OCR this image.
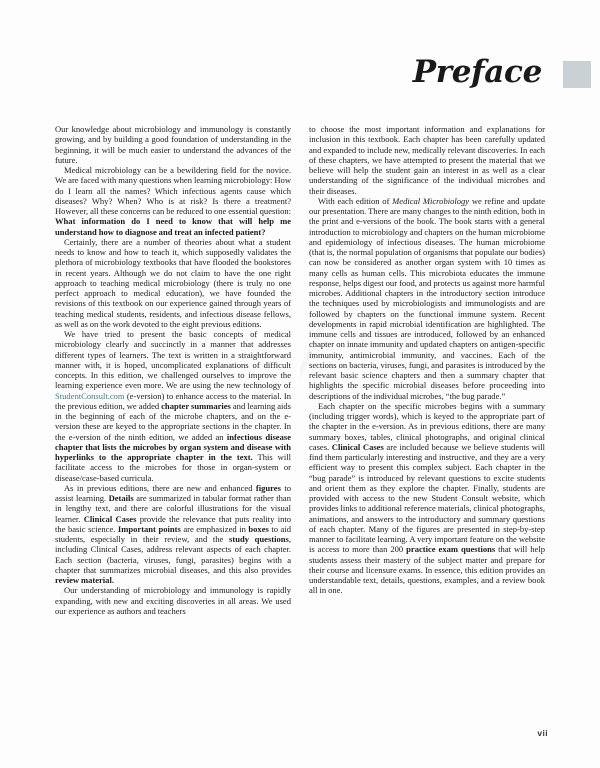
Preface

Our knowledge about microbiology and immunology is constantly growing, and by building a good foundation of understanding in the beginning, it will be much easier to understand the advances of the future.

Medical microbiology can be a bewildering field for the novice. We are faced with many questions when learning microbiology: How do I learn all the names? Which infectious agents cause which diseases? Why? When? Who is at risk? Is there a treatment? However, all these concerns can be reduced to one essential question: What information do I need to know that will help me understand how to diagnose and treat an infected patient?

Certainly, there are a number of theories about what a student needs to know and how to teach it, which supposedly validates the plethora of microbiology textbooks that have flooded the bookstores in recent years. Although we do not claim to have the one right approach to teaching medical microbiology (there is truly no one perfect approach to medical education), we have founded the revisions of this textbook on our experience gained through years of teaching medical students, residents, and infectious disease fellows, as well as on the work devoted to the eight previous editions.

We have tried to present the basic concepts of medical microbiology clearly and succinctly in a manner that addresses different types of learners. The text is written in a straightforward manner with, it is hoped, uncomplicated explanations of difficult concepts. In this edition, we challenged ourselves to improve the learning experience even more. We are using the new technology of StudentConsult.com (e-version) to enhance access to the material. In the previous edition, we added chapter summaries and learning aids in the beginning of each of the microbe chapters, and on the e-version these are keyed to the appropriate sections in the chapter. In the e-version of the ninth edition, we added an infectious disease chapter that lists the microbes by organ system and disease with hyperlinks to the appropriate chapter in the text. This will facilitate access to the microbes for those in organ-system or disease/case-based curricula.

As in previous editions, there are new and enhanced figures to assist learning. Details are summarized in tabular format rather than in lengthy text, and there are colorful illustrations for the visual learner. Clinical Cases provide the relevance that puts reality into the basic science. Important points are emphasized in boxes to aid students, especially in their review, and the study questions, including Clinical Cases, address relevant aspects of each chapter. Each section (bacteria, viruses, fungi, parasites) begins with a chapter that summarizes microbial diseases, and this also provides review material.

Our understanding of microbiology and immunology is rapidly expanding, with new and exciting discoveries in all areas. We used our experience as authors and teachers

to choose the most important information and explanations for inclusion in this textbook. Each chapter has been carefully updated and expanded to include new, medically relevant discoveries. In each of these chapters, we have attempted to present the material that we believe will help the student gain an interest in as well as a clear understanding of the significance of the individual microbes and their diseases.

With each edition of Medical Microbiology we refine and update our presentation. There are many changes to the ninth edition, both in the print and e-versions of the book. The book starts with a general introduction to microbiology and chapters on the human microbiome and epidemiology of infectious diseases. The human microbiome (that is, the normal population of organisms that populate our bodies) can now be considered as another organ system with 10 times as many cells as human cells. This microbiota educates the immune response, helps digest our food, and protects us against more harmful microbes. Additional chapters in the introductory section introduce the techniques used by microbiologists and immunologists and are followed by chapters on the functional immune system. Recent developments in rapid microbial identification are highlighted. The immune cells and tissues are introduced, followed by an enhanced chapter on innate immunity and updated chapters on antigen-specific immunity, antimicrobial immunity, and vaccines. Each of the sections on bacteria, viruses, fungi, and parasites is introduced by the relevant basic science chapters and then a summary chapter that highlights the specific microbial diseases before proceeding into descriptions of the individual microbes, “the bug parade.”

Each chapter on the specific microbes begins with a summary (including trigger words), which is keyed to the appropriate part of the chapter in the e-version. As in previous editions, there are many summary boxes, tables, clinical photographs, and original clinical cases. Clinical Cases are included because we believe students will find them particularly interesting and instructive, and they are a very efficient way to present this complex subject. Each chapter in the “bug parade” is introduced by relevant questions to excite students and orient them as they explore the chapter. Finally, students are provided with access to the new Student Consult website, which provides links to additional reference materials, clinical photographs, animations, and answers to the introductory and summary questions of each chapter. Many of the figures are presented in step-by-step manner to facilitate learning. A very important feature on the website is access to more than 200 practice exam questions that will help students assess their mastery of the subject matter and prepare for their course and licensure exams. In essence, this edition provides an understandable text, details, questions, examples, and a review book all in one.

vii
